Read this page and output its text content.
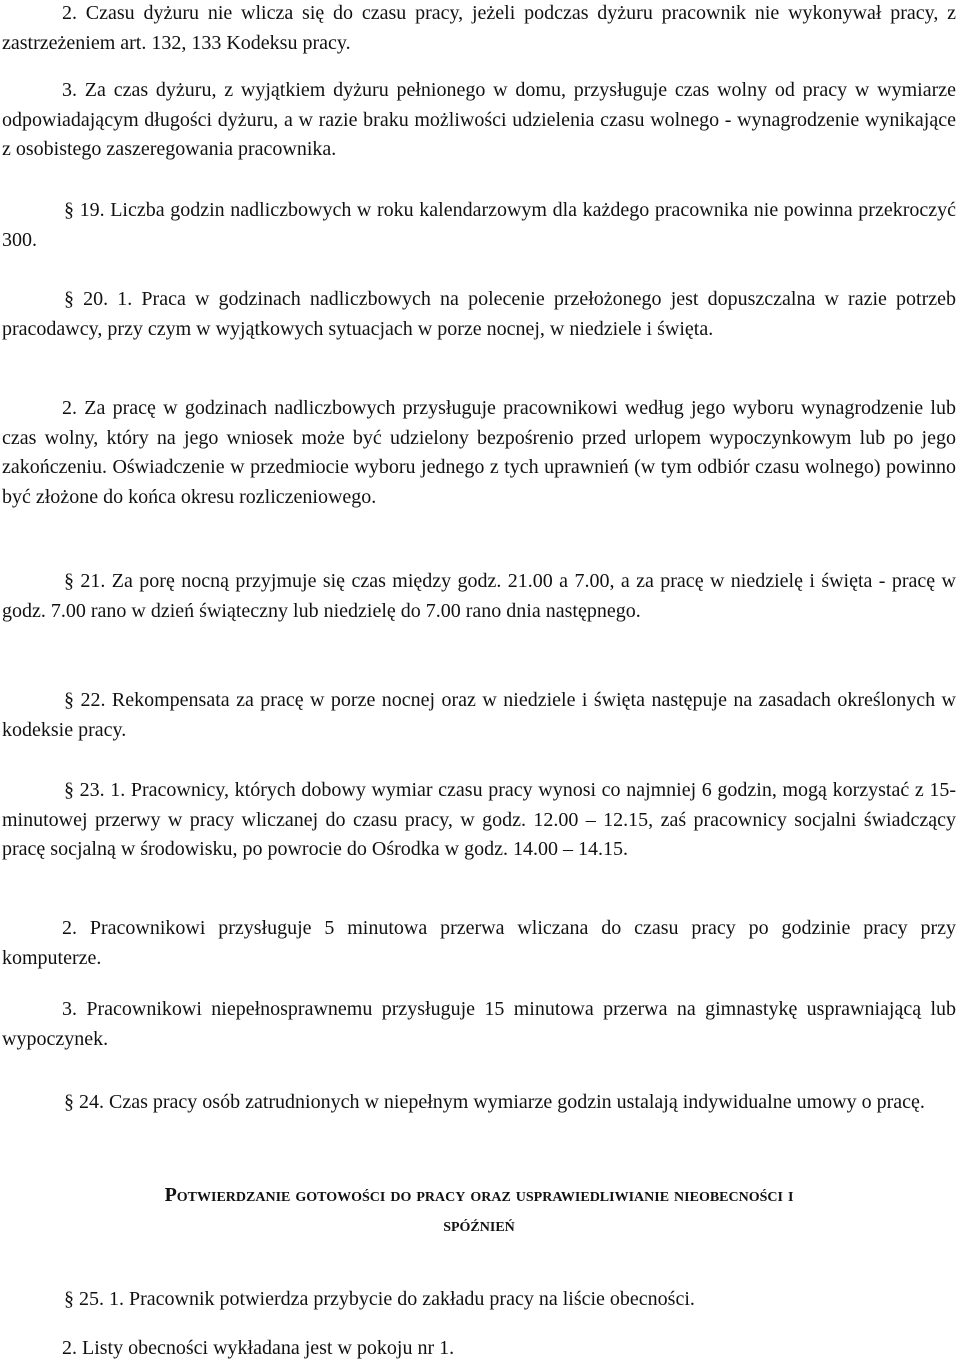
2. Czasu dyżuru nie wlicza się do czasu pracy, jeżeli podczas dyżuru pracownik nie wykonywał pracy, z zastrzeżeniem art. 132, 133 Kodeksu pracy.

3. Za czas dyżuru, z wyjątkiem dyżuru pełnionego w domu, przysługuje czas wolny od pracy w wymiarze odpowiadającym długości dyżuru, a w razie braku możliwości udzielenia czasu wolnego - wynagrodzenie wynikające z osobistego zaszeregowania pracownika.

§ 19. Liczba godzin nadliczbowych w roku kalendarzowym dla każdego pracownika nie powinna przekroczyć 300.

§ 20. 1. Praca w godzinach nadliczbowych na polecenie przełożonego jest dopuszczalna w razie potrzeb pracodawcy, przy czym w wyjątkowych sytuacjach w porze nocnej, w niedziele i święta.

2. Za pracę w godzinach nadliczbowych przysługuje pracownikowi według jego wyboru wynagrodzenie lub czas wolny, który na jego wniosek może być udzielony bezpośrenio przed urlopem wypoczynkowym lub po jego zakończeniu. Oświadczenie w przedmiocie wyboru jednego z tych uprawnień (w tym odbiór czasu wolnego) powinno być złożone do końca okresu rozliczeniowego.

§ 21. Za porę nocną przyjmuje się czas między godz. 21.00 a 7.00, a za pracę w niedzielę i święta - pracę w godz. 7.00 rano w dzień świąteczny lub niedzielę do 7.00 rano dnia następnego.

§ 22. Rekompensata za pracę w porze nocnej oraz w niedziele i święta następuje na zasadach określonych w kodeksie pracy.

§ 23. 1. Pracownicy, których dobowy wymiar czasu pracy wynosi co najmniej 6 godzin, mogą korzystać z 15-minutowej przerwy w pracy wliczanej do czasu pracy, w godz. 12.00 – 12.15, zaś pracownicy socjalni świadczący pracę socjalną w środowisku, po powrocie do Ośrodka w godz. 14.00 – 14.15.

2. Pracownikowi przysługuje 5 minutowa przerwa wliczana do czasu pracy po godzinie pracy przy komputerze.

3. Pracownikowi niepełnosprawnemu przysługuje 15 minutowa przerwa na gimnastykę usprawniającą lub wypoczynek.

§ 24. Czas pracy osób zatrudnionych w niepełnym wymiarze godzin ustalają indywidualne umowy o pracę.

Potwierdzanie gotowości do pracy oraz usprawiedliwianie nieobecności i
spóźnień

§ 25. 1. Pracownik potwierdza przybycie do zakładu pracy na liście obecności.

2. Listy obecności wykładana jest w pokoju nr 1.
